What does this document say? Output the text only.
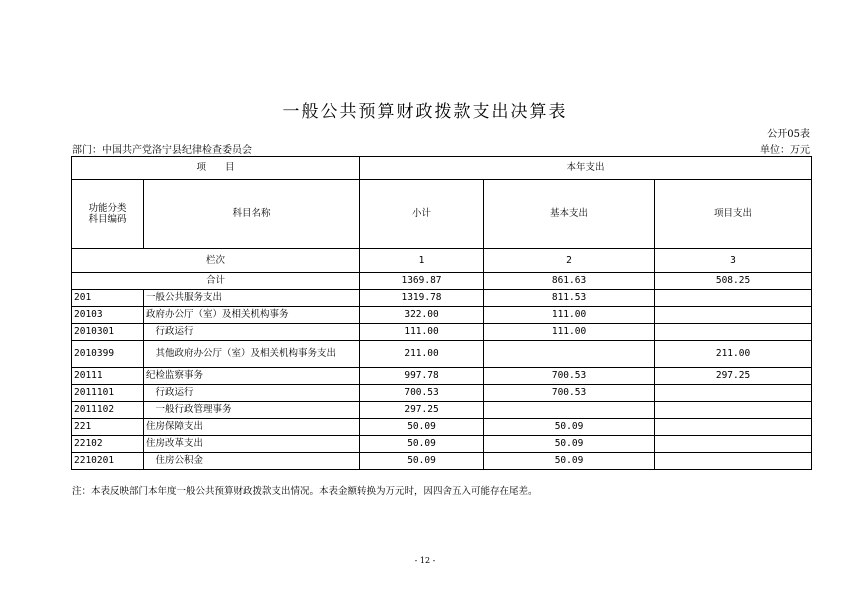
一般公共预算财政拨款支出决算表
公开05表
部门：中国共产党洛宁县纪律检查委员会	单位：万元
项　　目		本年支出		

功能分类
科目编码	科目名称	小计	基本支出	项目支出
栏次		1	2	3
合计		1369.87	861.63	508.25
201	一般公共服务支出	1319.78	811.53	
20103	政府办公厅（室）及相关机构事务	322.00	111.00	
2010301	　行政运行	111.00	111.00	
2010399	　其他政府办公厅（室）及相关机构事务支出	211.00		211.00
20111	纪检监察事务	997.78	700.53	297.25
2011101	　行政运行	700.53	700.53	
2011102	　一般行政管理事务	297.25		
221	住房保障支出	50.09	50.09	
22102	住房改革支出	50.09	50.09	
2210201	　住房公积金	50.09	50.09	
注：本表反映部门本年度一般公共预算财政拨款支出情况。本表金额转换为万元时，因四舍五入可能存在尾差。
- 12 -
